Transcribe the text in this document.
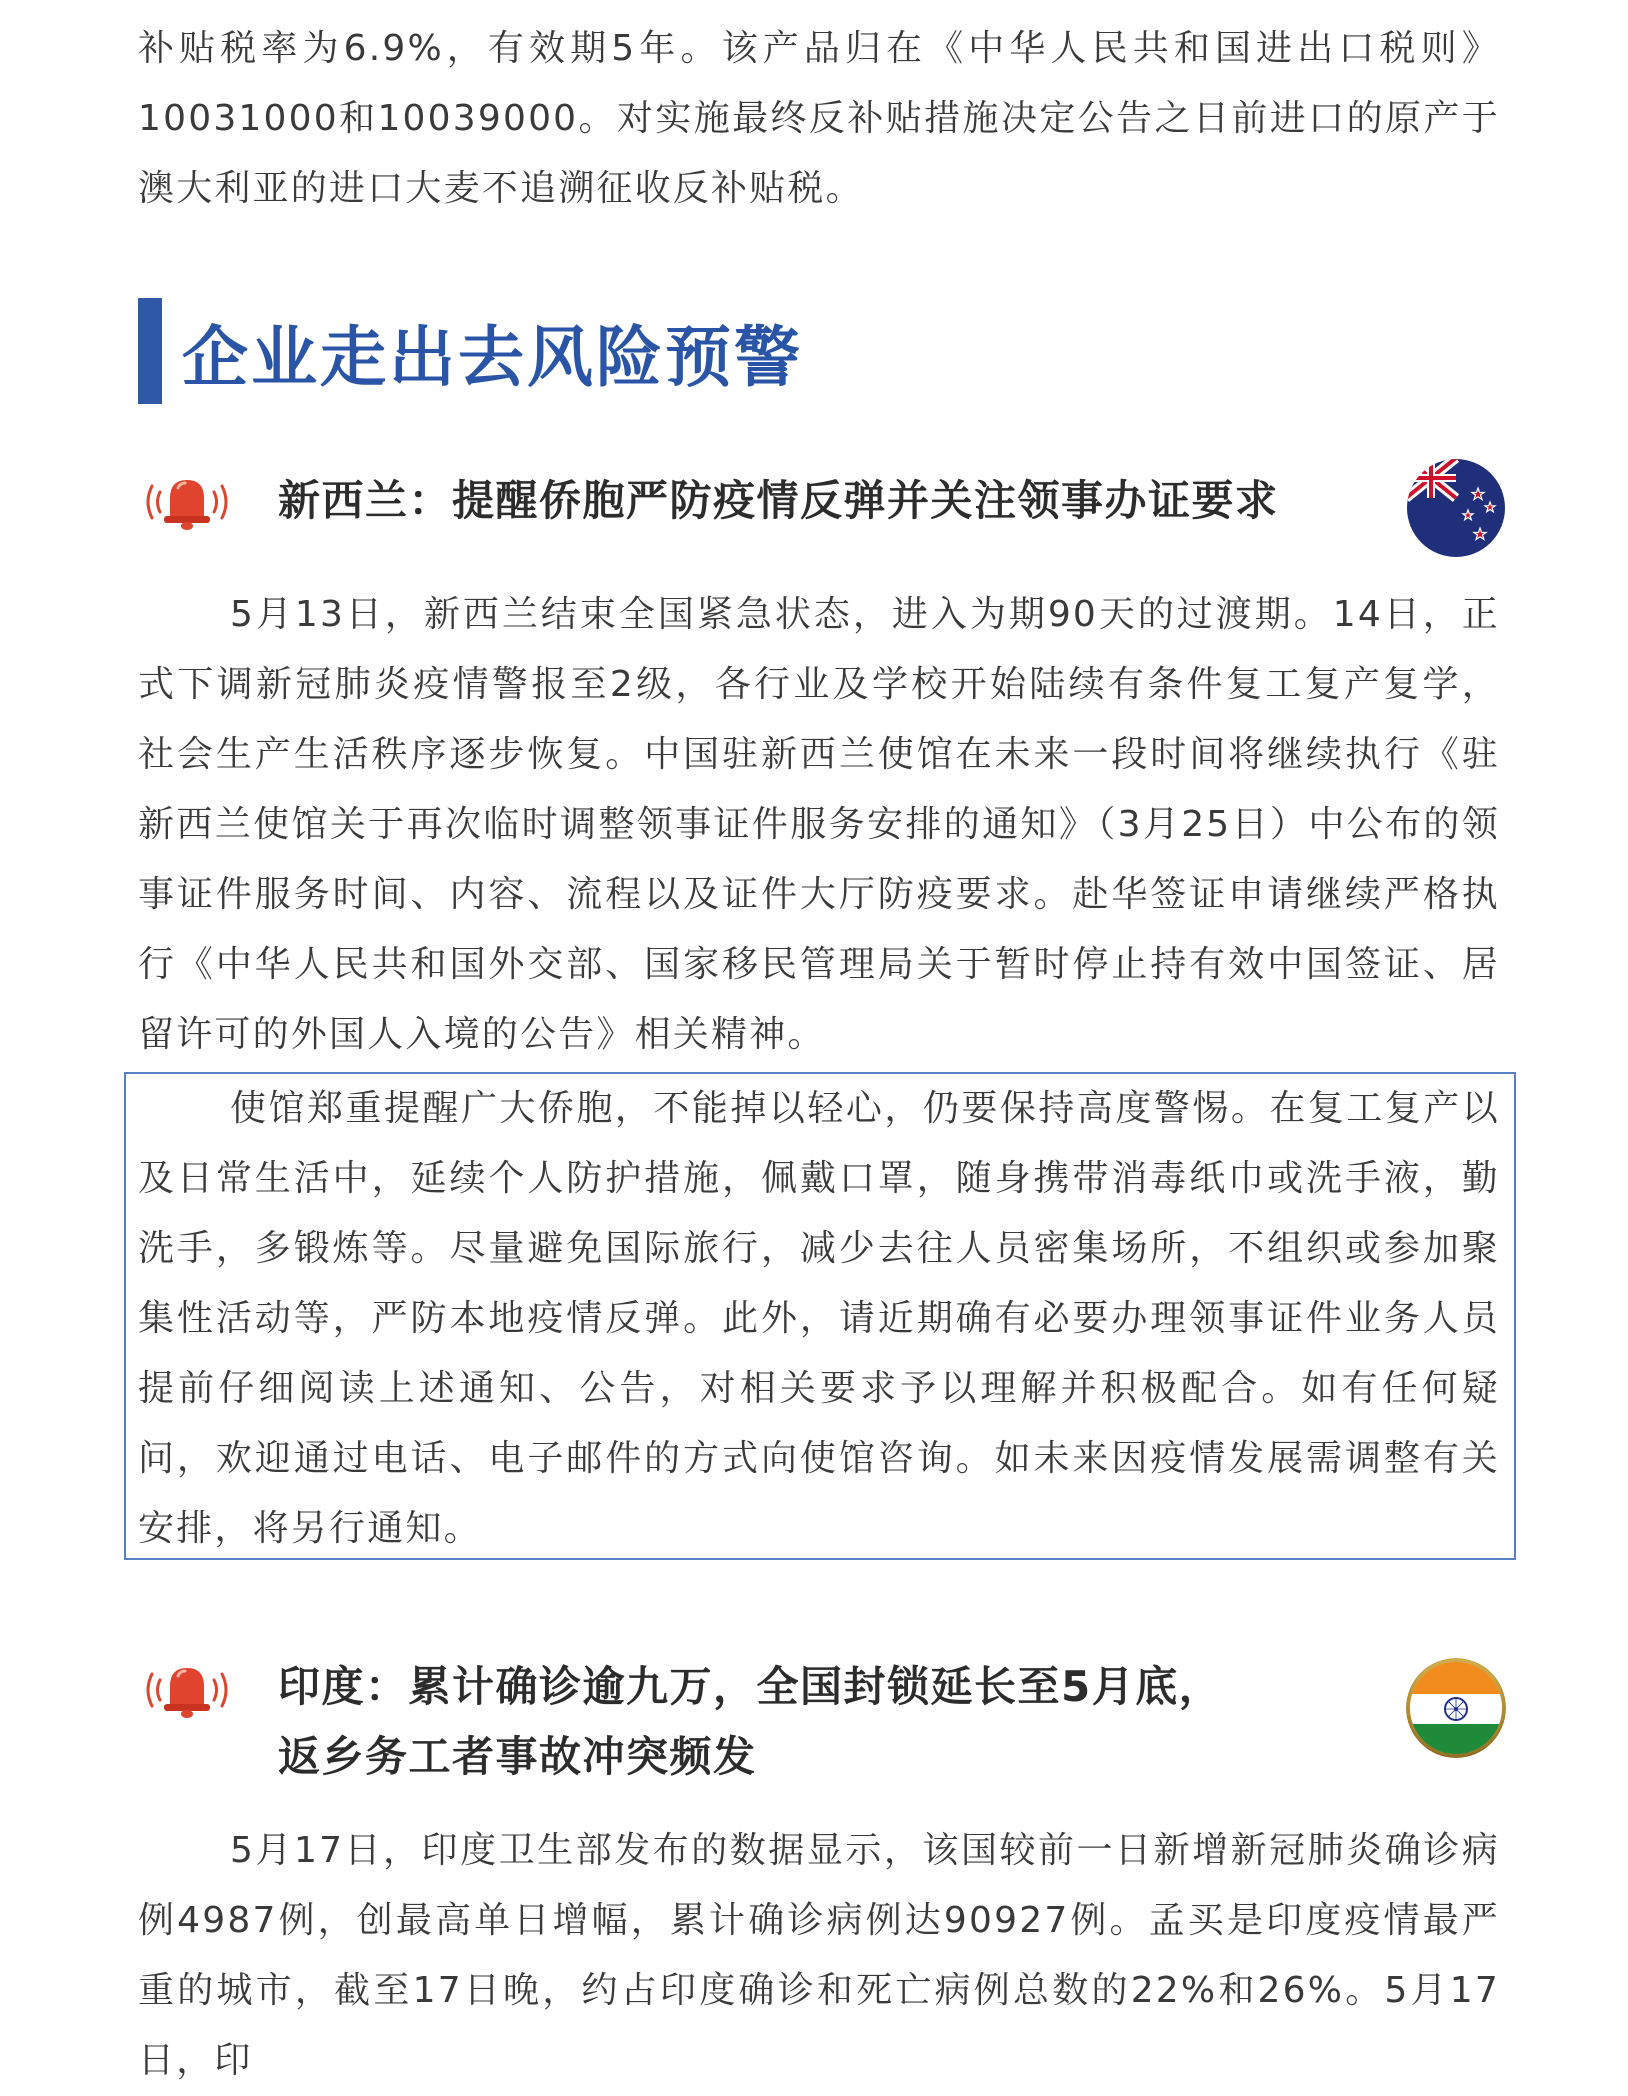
补贴税率为6.9%，有效期5年。该产品归在《中华人民共和国进出口税则》10031000和10039000。对实施最终反补贴措施决定公告之日前进口的原产于澳大利亚的进口大麦不追溯征收反补贴税。

企业走出去风险预警
新西兰：提醒侨胞严防疫情反弹并关注领事办证要求

5月13日，新西兰结束全国紧急状态，进入为期90天的过渡期。14日，正式下调新冠肺炎疫情警报至2级，各行业及学校开始陆续有条件复工复产复学，社会生产生活秩序逐步恢复。中国驻新西兰使馆在未来一段时间将继续执行《驻新西兰使馆关于再次临时调整领事证件服务安排的通知》（3月25日）中公布的领事证件服务时间、内容、流程以及证件大厅防疫要求。赴华签证申请继续严格执行《中华人民共和国外交部、国家移民管理局关于暂时停止持有效中国签证、居留许可的外国人入境的公告》相关精神。

使馆郑重提醒广大侨胞，不能掉以轻心，仍要保持高度警惕。在复工复产以及日常生活中，延续个人防护措施，佩戴口罩，随身携带消毒纸巾或洗手液，勤洗手，多锻炼等。尽量避免国际旅行，减少去往人员密集场所，不组织或参加聚集性活动等，严防本地疫情反弹。此外，请近期确有必要办理领事证件业务人员提前仔细阅读上述通知、公告，对相关要求予以理解并积极配合。如有任何疑问，欢迎通过电话、电子邮件的方式向使馆咨询。如未来因疫情发展需调整有关安排，将另行通知。

印度：累计确诊逾九万，全国封锁延长至5月底，
返乡务工者事故冲突频发

5月17日，印度卫生部发布的数据显示，该国较前一日新增新冠肺炎确诊病例4987例，创最高单日增幅，累计确诊病例达90927例。孟买是印度疫情最严重的城市，截至17日晚，约占印度确诊和死亡病例总数的22%和26%。5月17日，印
